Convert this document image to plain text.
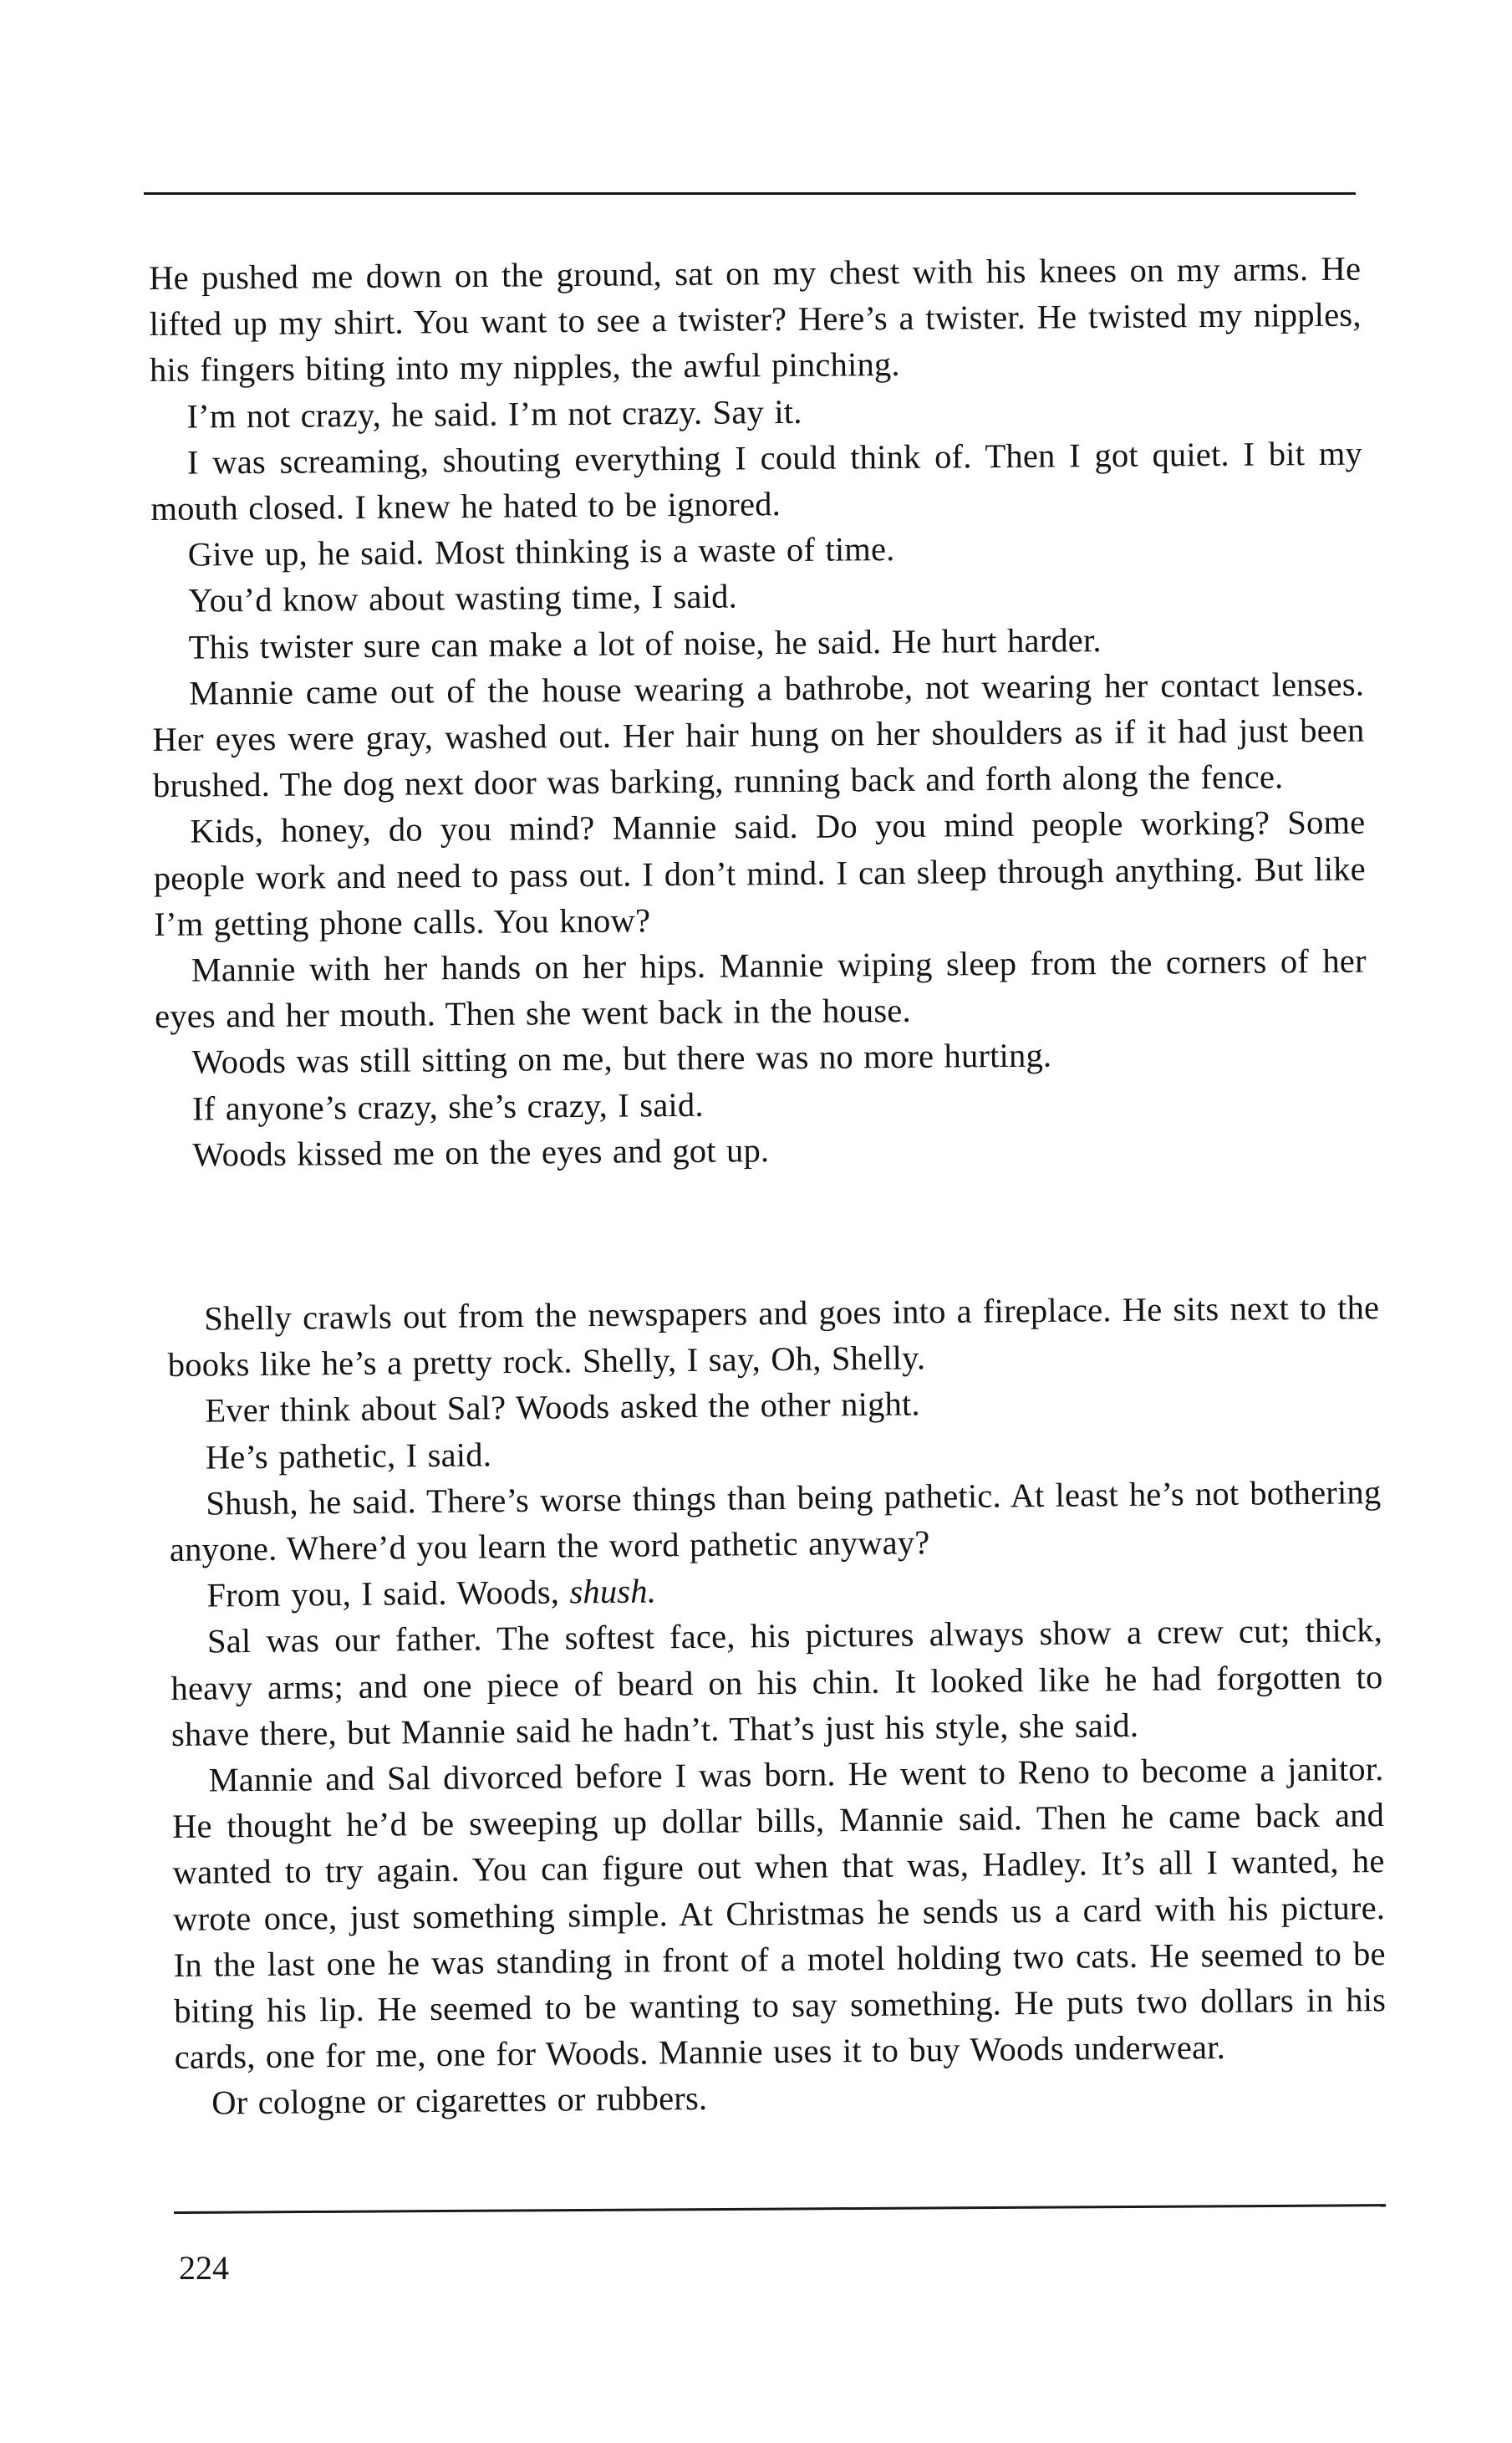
He pushed me down on the ground, sat on my chest with his knees on my arms. He lifted up my shirt. You want to see a twister? Here’s a twister. He twisted my nipples, his fingers biting into my nipples, the awful pinching.

I’m not crazy, he said. I’m not crazy. Say it.

I was screaming, shouting everything I could think of. Then I got quiet. I bit my mouth closed. I knew he hated to be ignored.

Give up, he said. Most thinking is a waste of time.

You’d know about wasting time, I said.

This twister sure can make a lot of noise, he said. He hurt harder.

Mannie came out of the house wearing a bathrobe, not wearing her contact lenses. Her eyes were gray, washed out. Her hair hung on her shoulders as if it had just been brushed. The dog next door was barking, running back and forth along the fence.

Kids, honey, do you mind? Mannie said. Do you mind people working? Some people work and need to pass out. I don’t mind. I can sleep through anything. But like I’m getting phone calls. You know?

Mannie with her hands on her hips. Mannie wiping sleep from the corners of her eyes and her mouth. Then she went back in the house.

Woods was still sitting on me, but there was no more hurting.

If anyone’s crazy, she’s crazy, I said.

Woods kissed me on the eyes and got up.

Shelly crawls out from the newspapers and goes into a fireplace. He sits next to the books like he’s a pretty rock. Shelly, I say, Oh, Shelly.

Ever think about Sal? Woods asked the other night.

He’s pathetic, I said.

Shush, he said. There’s worse things than being pathetic. At least he’s not bothering anyone. Where’d you learn the word pathetic anyway?

From you, I said. Woods, shush.

Sal was our father. The softest face, his pictures always show a crew cut; thick, heavy arms; and one piece of beard on his chin. It looked like he had forgotten to shave there, but Mannie said he hadn’t. That’s just his style, she said.

Mannie and Sal divorced before I was born. He went to Reno to become a janitor. He thought he’d be sweeping up dollar bills, Mannie said. Then he came back and wanted to try again. You can figure out when that was, Hadley. It’s all I wanted, he wrote once, just something simple. At Christmas he sends us a card with his picture. In the last one he was standing in front of a motel holding two cats. He seemed to be biting his lip. He seemed to be wanting to say something. He puts two dollars in his cards, one for me, one for Woods. Mannie uses it to buy Woods underwear.

Or cologne or cigarettes or rubbers.

224
